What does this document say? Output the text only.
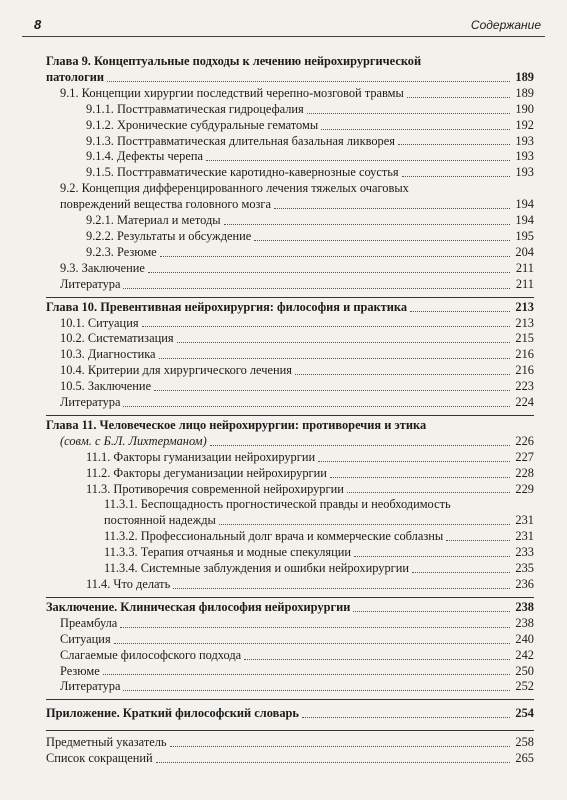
8	Содержание
Глава 9. Концептуальные подходы к лечению нейрохирургической
патологии	189
9.1. Концепции хирургии последствий черепно-мозговой травмы	189
9.1.1. Посттравматическая гидроцефалия	190
9.1.2. Хронические субдуральные гематомы	192
9.1.3. Посттравматическая длительная базальная ликворея	193
9.1.4. Дефекты черепа	193
9.1.5. Посттравматические каротидно-кавернозные соустья	193
9.2. Концепция дифференцированного лечения тяжелых очаговых
повреждений вещества головного мозга	194
9.2.1. Материал и методы	194
9.2.2. Результаты и обсуждение	195
9.2.3. Резюме	204
9.3. Заключение	211
Литература	211
Глава 10. Превентивная нейрохирургия: философия и практика	213
10.1. Ситуация	213
10.2. Систематизация	215
10.3. Диагностика	216
10.4. Критерии для хирургического лечения	216
10.5. Заключение	223
Литература	224
Глава 11. Человеческое лицо нейрохирургии: противоречия и этика
(совм. с Б.Л. Лихтерманом)	226
11.1. Факторы гуманизации нейрохирургии	227
11.2. Факторы дегуманизации нейрохирургии	228
11.3. Противоречия современной нейрохирургии	229
11.3.1. Беспощадность прогностической правды и необходимость
постоянной надежды	231
11.3.2. Профессиональный долг врача и коммерческие соблазны	231
11.3.3. Терапия отчаянья и модные спекуляции	233
11.3.4. Системные заблуждения и ошибки нейрохирургии	235
11.4. Что делать	236
Заключение. Клиническая философия нейрохирургии	238
Преамбула	238
Ситуация	240
Слагаемые философского подхода	242
Резюме	250
Литература	252
Приложение. Краткий философский словарь	254
Предметный указатель	258
Список сокращений	265
